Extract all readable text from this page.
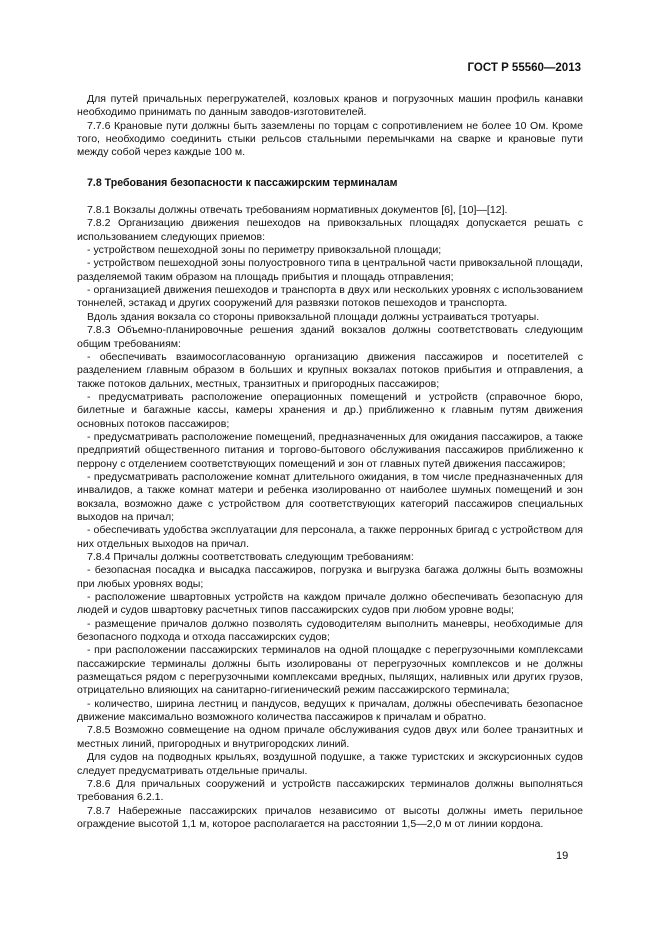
ГОСТ Р 55560—2013

Для путей причальных перегружателей, козловых кранов и погрузочных машин профиль канавки необходимо принимать по данным заводов-изготовителей.

7.7.6 Крановые пути должны быть заземлены по торцам с сопротивлением не более 10 Ом. Кроме того, необходимо соединить стыки рельсов стальными перемычками на сварке и крановые пути между собой через каждые 100 м.

7.8 Требования безопасности к пассажирским терминалам

7.8.1 Вокзалы должны отвечать требованиям нормативных документов [6], [10]—[12].

7.8.2 Организацию движения пешеходов на привокзальных площадях допускается решать с использованием следующих приемов:

- устройством пешеходной зоны по периметру привокзальной площади;

- устройством пешеходной зоны полуостровного типа в центральной части привокзальной площади, разделяемой таким образом на площадь прибытия и площадь отправления;

- организацией движения пешеходов и транспорта в двух или нескольких уровнях с использованием тоннелей, эстакад и других сооружений для развязки потоков пешеходов и транспорта.

Вдоль здания вокзала со стороны привокзальной площади должны устраиваться тротуары.

7.8.3 Объемно-планировочные решения зданий вокзалов должны соответствовать следующим общим требованиям:

- обеспечивать взаимосогласованную организацию движения пассажиров и посетителей с разделением главным образом в больших и крупных вокзалах потоков прибытия и отправления, а также потоков дальних, местных, транзитных и пригородных пассажиров;

- предусматривать расположение операционных помещений и устройств (справочное бюро, билетные и багажные кассы, камеры хранения и др.) приближенно к главным путям движения основных потоков пассажиров;

- предусматривать расположение помещений, предназначенных для ожидания пассажиров, а также предприятий общественного питания и торгово-бытового обслуживания пассажиров приближенно к перрону с отделением соответствующих помещений и зон от главных путей движения пассажиров;

- предусматривать расположение комнат длительного ожидания, в том числе предназначенных для инвалидов, а также комнат матери и ребенка изолированно от наиболее шумных помещений и зон вокзала, возможно даже с устройством для соответствующих категорий пассажиров специальных выходов на причал;

- обеспечивать удобства эксплуатации для персонала, а также перронных бригад с устройством для них отдельных выходов на причал.

7.8.4 Причалы должны соответствовать следующим требованиям:

- безопасная посадка и высадка пассажиров, погрузка и выгрузка багажа должны быть возможны при любых уровнях воды;

- расположение швартовных устройств на каждом причале должно обеспечивать безопасную для людей и судов швартовку расчетных типов пассажирских судов при любом уровне воды;

- размещение причалов должно позволять судоводителям выполнить маневры, необходимые для безопасного подхода и отхода пассажирских судов;

- при расположении пассажирских терминалов на одной площадке с перегрузочными комплексами пассажирские терминалы должны быть изолированы от перегрузочных комплексов и не должны размещаться рядом с перегрузочными комплексами вредных, пылящих, наливных или других грузов, отрицательно влияющих на санитарно-гигиенический режим пассажирского терминала;

- количество, ширина лестниц и пандусов, ведущих к причалам, должны обеспечивать безопасное движение максимально возможного количества пассажиров к причалам и обратно.

7.8.5 Возможно совмещение на одном причале обслуживания судов двух или более транзитных и местных линий, пригородных и внутригородских линий.

Для судов на подводных крыльях, воздушной подушке, а также туристских и экскурсионных судов следует предусматривать отдельные причалы.

7.8.6 Для причальных сооружений и устройств пассажирских терминалов должны выполняться требования 6.2.1.

7.8.7 Набережные пассажирских причалов независимо от высоты должны иметь перильное ограждение высотой 1,1 м, которое располагается на расстоянии 1,5—2,0 м от линии кордона.

19
